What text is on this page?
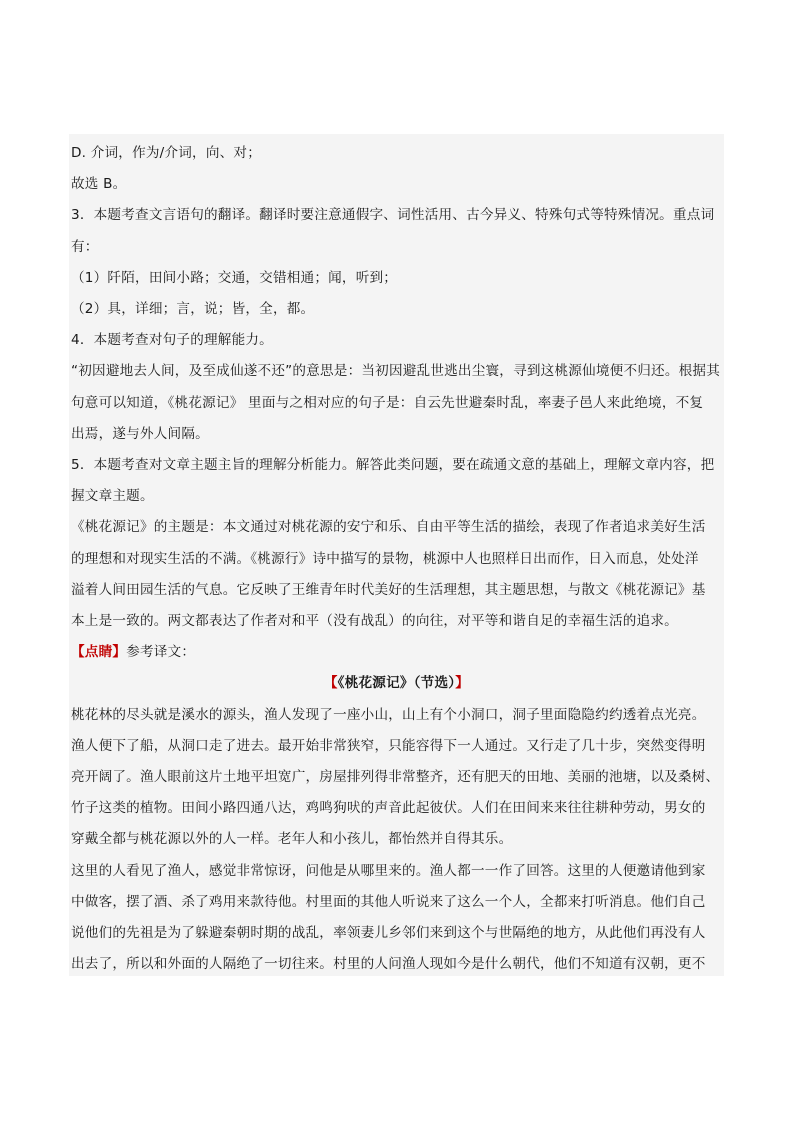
D. 介词，作为/介词，向、对；
故选 B。
3．本题考查文言语句的翻译。翻译时要注意通假字、词性活用、古今异义、特殊句式等特殊情况。重点词
有：
（1）阡陌，田间小路；交通，交错相通；闻，听到；
（2）具，详细；言，说；皆，全，都。
4．本题考查对句子的理解能力。
“初因避地去人间，及至成仙遂不还”的意思是：当初因避乱世逃出尘寰，寻到这桃源仙境便不归还。根据其
句意可以知道，《桃花源记》 里面与之相对应的句子是：自云先世避秦时乱，率妻子邑人来此绝境，不复
出焉，遂与外人间隔。
5．本题考查对文章主题主旨的理解分析能力。解答此类问题，要在疏通文意的基础上，理解文章内容，把
握文章主题。
《桃花源记》的主题是：本文通过对桃花源的安宁和乐、自由平等生活的描绘，表现了作者追求美好生活
的理想和对现实生活的不满。《桃源行》诗中描写的景物，桃源中人也照样日出而作，日入而息，处处洋
溢着人间田园生活的气息。它反映了王维青年时代美好的生活理想，其主题思想，与散文《桃花源记》基
本上是一致的。两文都表达了作者对和平（没有战乱）的向往，对平等和谐自足的幸福生活的追求。
【点睛】参考译文：
【《桃花源记》（节选）】
桃花林的尽头就是溪水的源头，渔人发现了一座小山，山上有个小洞口，洞子里面隐隐约约透着点光亮。
渔人便下了船，从洞口走了进去。最开始非常狭窄，只能容得下一人通过。又行走了几十步，突然变得明
亮开阔了。渔人眼前这片土地平坦宽广，房屋排列得非常整齐，还有肥天的田地、美丽的池塘，以及桑树、
竹子这类的植物。田间小路四通八达，鸡鸣狗吠的声音此起彼伏。人们在田间来来往往耕种劳动，男女的
穿戴全都与桃花源以外的人一样。老年人和小孩儿，都怡然并自得其乐。
这里的人看见了渔人，感觉非常惊讶，问他是从哪里来的。渔人都一一作了回答。这里的人便邀请他到家
中做客，摆了酒、杀了鸡用来款待他。村里面的其他人听说来了这么一个人，全都来打听消息。他们自己
说他们的先祖是为了躲避秦朝时期的战乱，率领妻儿乡邻们来到这个与世隔绝的地方，从此他们再没有人
出去了，所以和外面的人隔绝了一切往来。村里的人问渔人现如今是什么朝代，他们不知道有汉朝，更不
